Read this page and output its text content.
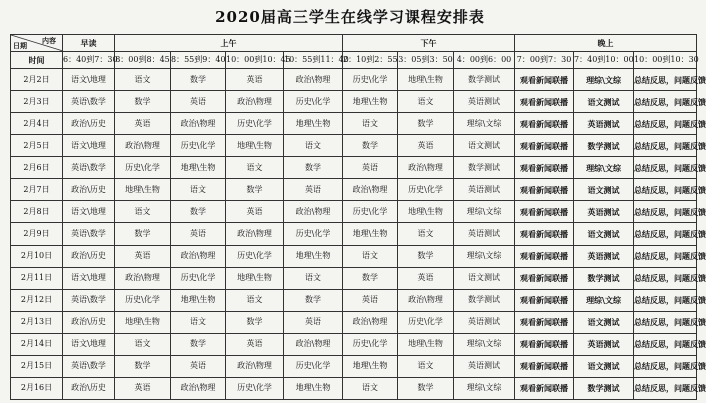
2020届高三学生在线学习课程安排表
内容
日期	早读	上午				下午			晚上		
时间	6：40到7：30	8：00到8：45	8：55到9：40	10：00到10：45	10：55到11：40	2：10到2：55	3：05到3：50	4：00到6：00	7：00到7：30	7：40到10：00	10：00到10：30
2月2日	语文\地理	语文	数学	英语	政治\物理	历史\化学	地理\生物	数学测试	观看新闻联播	理综\文综	总结反思，问题反馈
2月3日	英语\数学	数学	英语	政治\物理	历史\化学	地理\生物	语文	英语测试	观看新闻联播	语文测试	总结反思，问题反馈
2月4日	政治\历史	英语	政治\物理	历史\化学	地理\生物	语文	数学	理综\文综	观看新闻联播	英语测试	总结反思，问题反馈
2月5日	语文\地理	政治\物理	历史\化学	地理\生物	语文	数学	英语	语文测试	观看新闻联播	数学测试	总结反思，问题反馈
2月6日	英语\数学	历史\化学	地理\生物	语文	数学	英语	政治\物理	数学测试	观看新闻联播	理综\文综	总结反思，问题反馈
2月7日	政治\历史	地理\生物	语文	数学	英语	政治\物理	历史\化学	英语测试	观看新闻联播	语文测试	总结反思，问题反馈
2月8日	语文\地理	语文	数学	英语	政治\物理	历史\化学	地理\生物	理综\文综	观看新闻联播	英语测试	总结反思，问题反馈
2月9日	英语\数学	数学	英语	政治\物理	历史\化学	地理\生物	语文	英语测试	观看新闻联播	语文测试	总结反思，问题反馈
2月10日	政治\历史	英语	政治\物理	历史\化学	地理\生物	语文	数学	理综\文综	观看新闻联播	英语测试	总结反思，问题反馈
2月11日	语文\地理	政治\物理	历史\化学	地理\生物	语文	数学	英语	语文测试	观看新闻联播	数学测试	总结反思，问题反馈
2月12日	英语\数学	历史\化学	地理\生物	语文	数学	英语	政治\物理	数学测试	观看新闻联播	理综\文综	总结反思，问题反馈
2月13日	政治\历史	地理\生物	语文	数学	英语	政治\物理	历史\化学	英语测试	观看新闻联播	语文测试	总结反思，问题反馈
2月14日	语文\地理	语文	数学	英语	政治\物理	历史\化学	地理\生物	理综\文综	观看新闻联播	英语测试	总结反思，问题反馈
2月15日	英语\数学	数学	英语	政治\物理	历史\化学	地理\生物	语文	英语测试	观看新闻联播	语文测试	总结反思，问题反馈
2月16日	政治\历史	英语	政治\物理	历史\化学	地理\生物	语文	数学	理综\文综	观看新闻联播	数学测试	总结反思，问题反馈
